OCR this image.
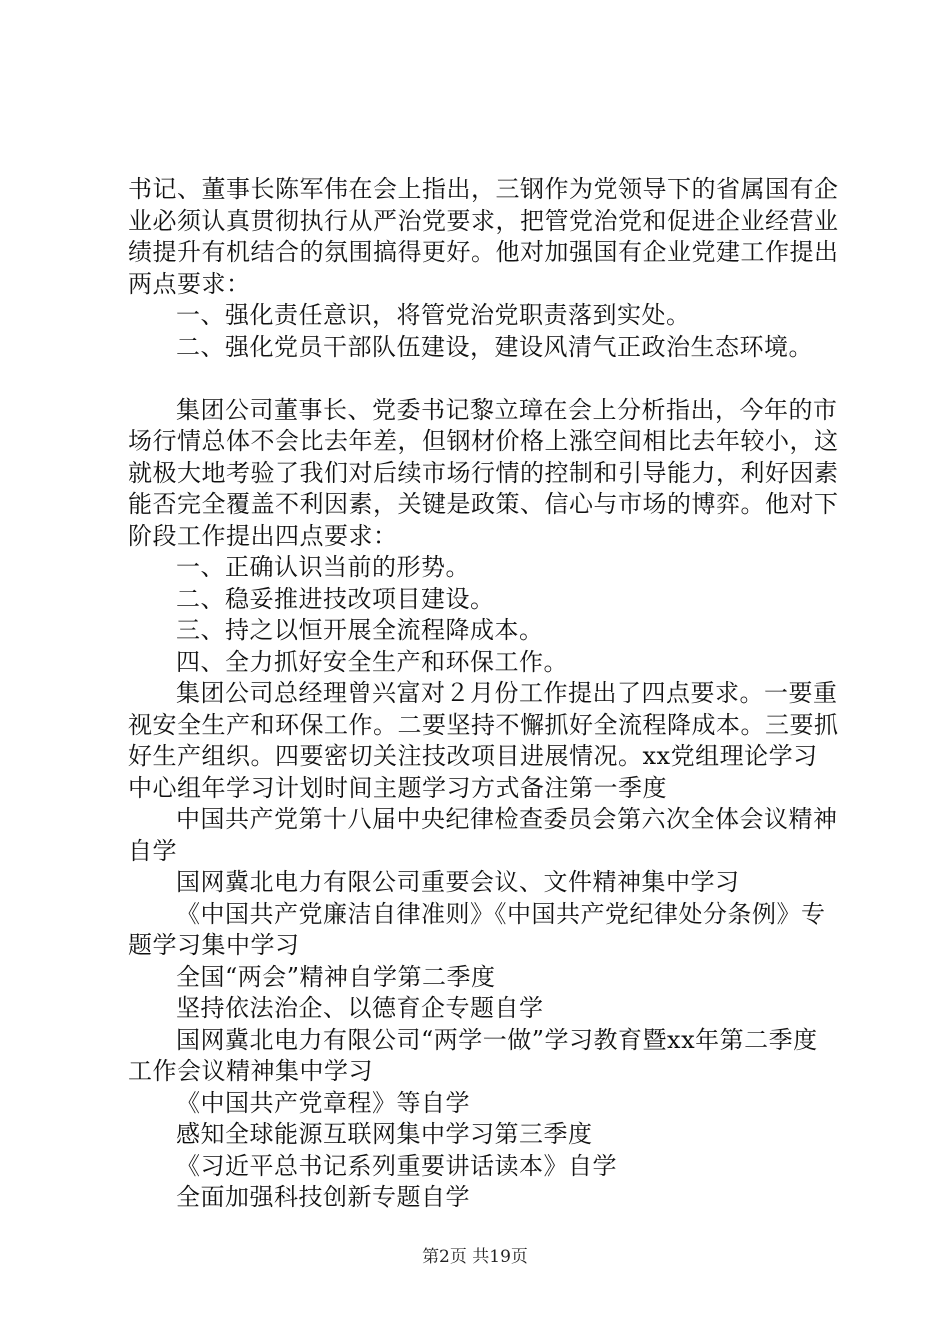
书记、董事长陈军伟在会上指出，三钢作为党领导下的省属国有企业必须认真贯彻执行从严治党要求，把管党治党和促进企业经营业绩提升有机结合的氛围搞得更好。他对加强国有企业党建工作提出两点要求：

一、强化责任意识，将管党治党职责落到实处。

二、强化党员干部队伍建设，建设风清气正政治生态环境。

集团公司董事长、党委书记黎立璋在会上分析指出，今年的市场行情总体不会比去年差，但钢材价格上涨空间相比去年较小，这就极大地考验了我们对后续市场行情的控制和引导能力，利好因素能否完全覆盖不利因素，关键是政策、信心与市场的博弈。他对下阶段工作提出四点要求：

一、正确认识当前的形势。

二、稳妥推进技改项目建设。

三、持之以恒开展全流程降成本。

四、全力抓好安全生产和环保工作。

集团公司总经理曾兴富对２月份工作提出了四点要求。一要重视安全生产和环保工作。二要坚持不懈抓好全流程降成本。三要抓好生产组织。四要密切关注技改项目进展情况。xx党组理论学习中心组年学习计划时间主题学习方式备注第一季度

中国共产党第十八届中央纪律检查委员会第六次全体会议精神自学

国网冀北电力有限公司重要会议、文件精神集中学习

《中国共产党廉洁自律准则》《中国共产党纪律处分条例》专题学习集中学习

全国“两会”精神自学第二季度

坚持依法治企、以德育企专题自学

国网冀北电力有限公司“两学一做”学习教育暨xx年第二季度工作会议精神集中学习

《中国共产党章程》等自学

感知全球能源互联网集中学习第三季度

《习近平总书记系列重要讲话读本》自学

全面加强科技创新专题自学

第2页 共19页
